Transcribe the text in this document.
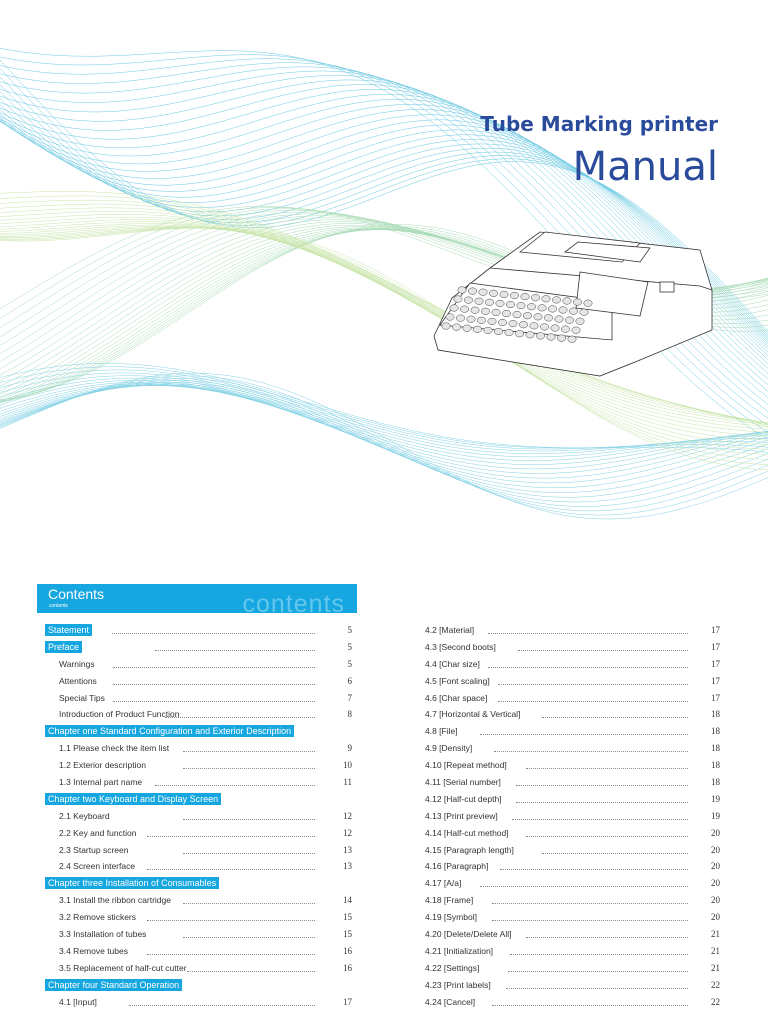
Tube Marking printer
Manual
Contents
contents	contents
Statement	5
Preface	5
Warnings	5
Attentions	6
Special Tips	7
Introduction of Product Function	8
Chapter one Standard Configuration and Exterior Description
1.1 Please check the item list	9
1.2 Exterior description	10
1.3 Internal part name	11
Chapter two Keyboard and Display Screen
2.1 Keyboard	12
2.2 Key and function	12
2.3 Startup screen	13
2.4 Screen interface	13
Chapter three Installation of Consumables
3.1 Install the ribbon cartridge	14
3.2 Remove stickers	15
3.3 Installation of tubes	15
3.4 Remove tubes	16
3.5 Replacement of half-cut cutter	16
Chapter four Standard Operation
4.1 [Input]	17
4.2 [Material]	17
4.3 [Second boots]	17
4.4 [Char size]	17
4.5 [Font scaling]	17
4.6 [Char space]	17
4.7 [Horizontal & Vertical]	18
4.8 [File]	18
4.9 [Density]	18
4.10 [Repeat method]	18
4.11 [Serial number]	18
4.12 [Half-cut depth]	19
4.13 [Print preview]	19
4.14 [Half-cut method]	20
4.15 [Paragraph length]	20
4.16 [Paragraph]	20
4.17 [A/a]	20
4.18 [Frame]	20
4.19 [Symbol]	20
4.20 [Delete/Delete All]	21
4.21 [Initialization]	21
4.22 [Settings]	21
4.23 [Print labels]	22
4.24 [Cancel]	22
